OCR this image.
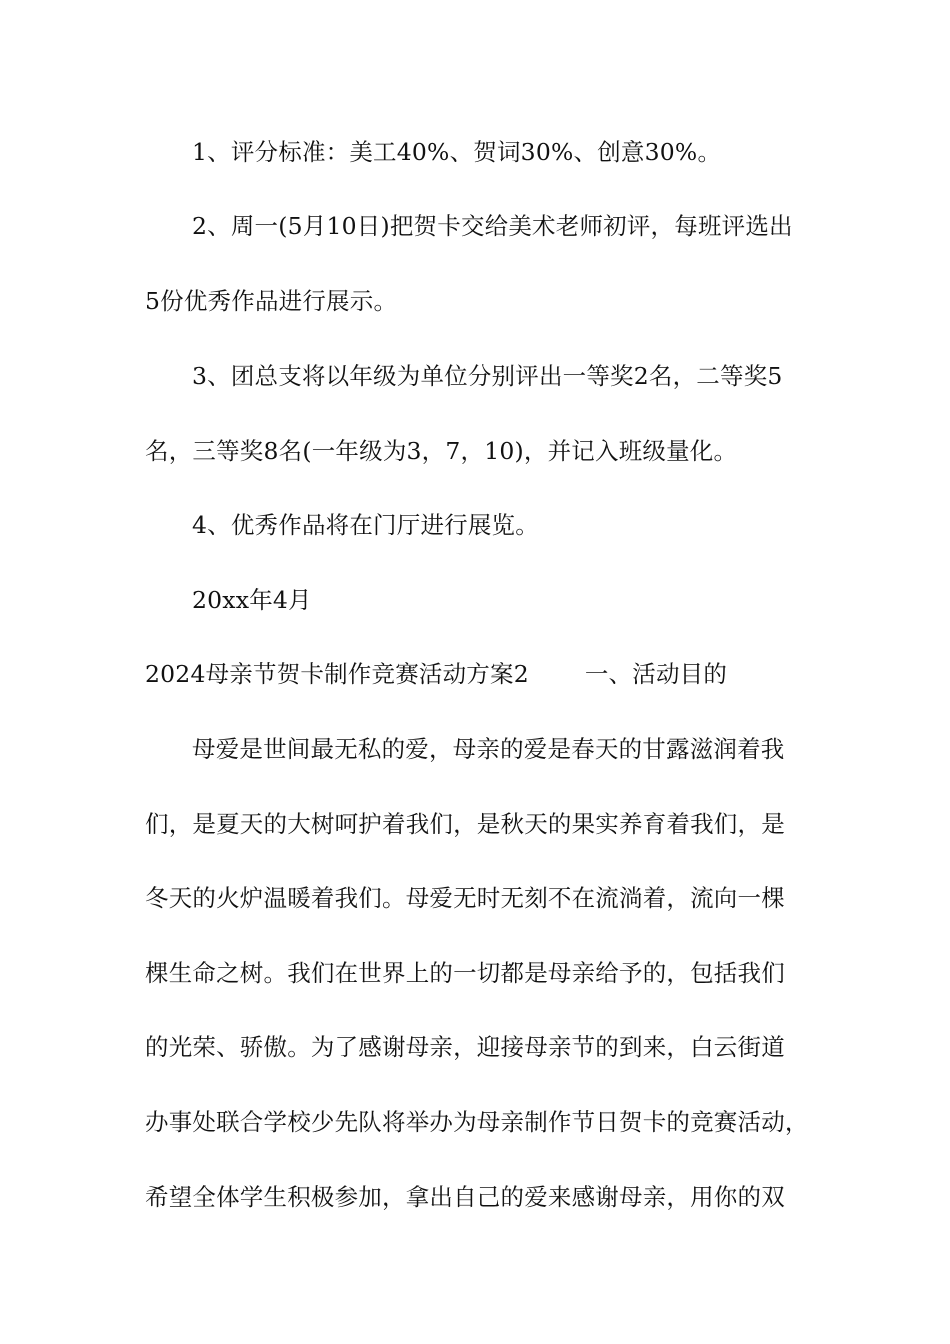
1、评分标准：美工40%、贺词30%、创意30%。
2、周一(5月10日)把贺卡交给美术老师初评，每班评选出
5份优秀作品进行展示。
3、团总支将以年级为单位分别评出一等奖2名，二等奖5
名，三等奖8名(一年级为3，7，10)，并记入班级量化。
4、优秀作品将在门厅进行展览。
20xx年4月
2024母亲节贺卡制作竞赛活动方案2 一、活动目的
母爱是世间最无私的爱，母亲的爱是春天的甘露滋润着我
们，是夏天的大树呵护着我们，是秋天的果实养育着我们，是
冬天的火炉温暖着我们。母爱无时无刻不在流淌着，流向一棵
棵生命之树。我们在世界上的一切都是母亲给予的，包括我们
的光荣、骄傲。为了感谢母亲，迎接母亲节的到来，白云街道
办事处联合学校少先队将举办为母亲制作节日贺卡的竞赛活动，
希望全体学生积极参加，拿出自己的爱来感谢母亲，用你的双
